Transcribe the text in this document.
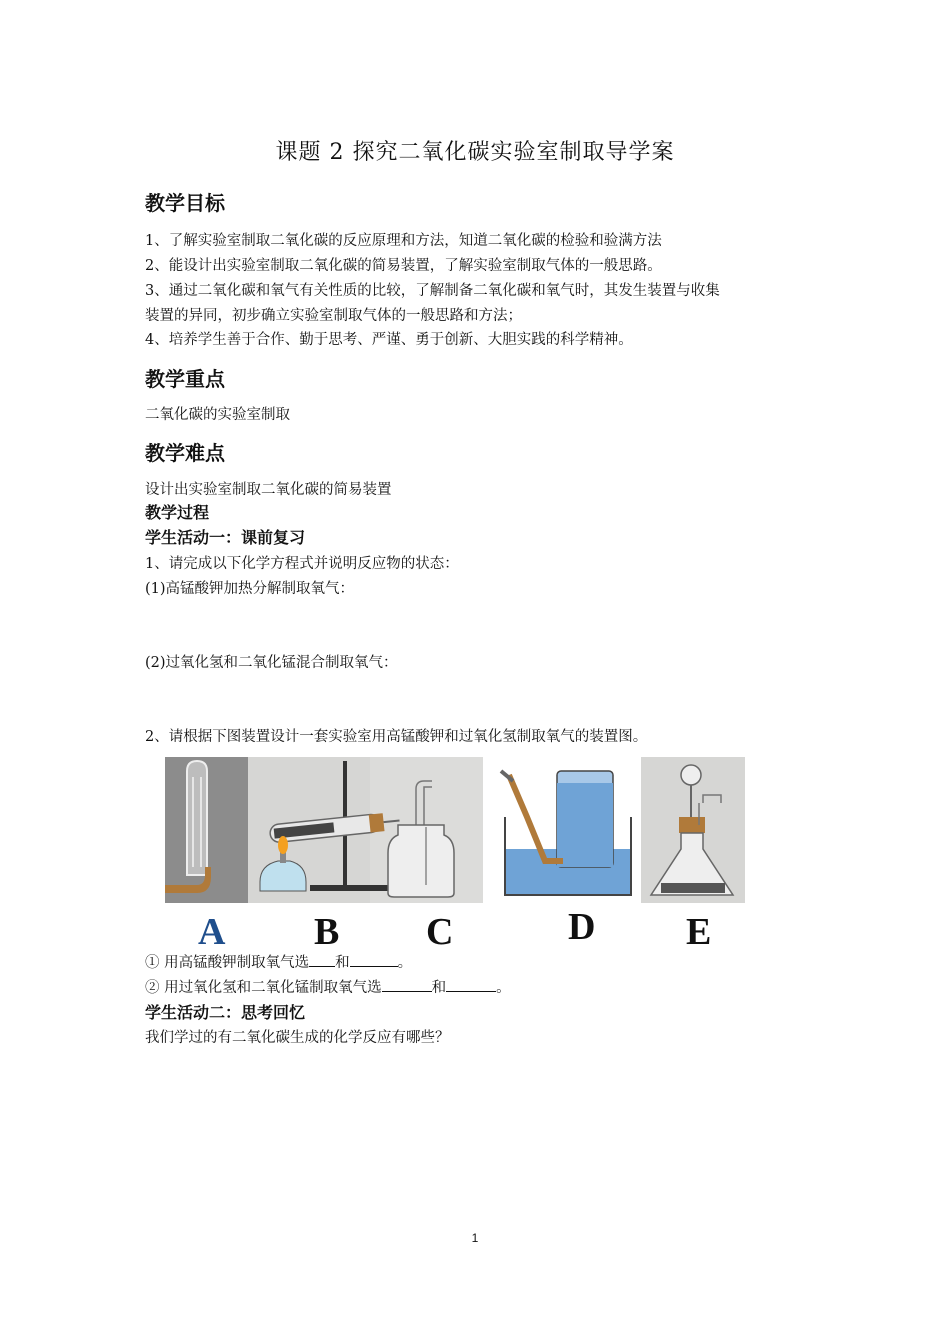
课题 2 探究二氧化碳实验室制取导学案
教学目标
1、了解实验室制取二氧化碳的反应原理和方法，知道二氧化碳的检验和验满方法
2、能设计出实验室制取二氧化碳的简易装置，了解实验室制取气体的一般思路。
3、通过二氧化碳和氧气有关性质的比较，了解制备二氧化碳和氧气时，其发生装置与收集
装置的异同，初步确立实验室制取气体的一般思路和方法；
4、培养学生善于合作、勤于思考、严谨、勇于创新、大胆实践的科学精神。
教学重点
二氧化碳的实验室制取
教学难点
设计出实验室制取二氧化碳的简易装置
教学过程
学生活动一：课前复习
1、请完成以下化学方程式并说明反应物的状态：
(1)高锰酸钾加热分解制取氧气：
(2)过氧化氢和二氧化锰混合制取氧气：
2、请根据下图装置设计一套实验室用高锰酸钾和过氧化氢制取氧气的装置图。
A B C	D E
① 用高锰酸钾制取氧气选 和	。
② 用过氧化氢和二氧化锰制取氧气选	和	。
学生活动二：思考回忆
我们学过的有二氧化碳生成的化学反应有哪些？
1
